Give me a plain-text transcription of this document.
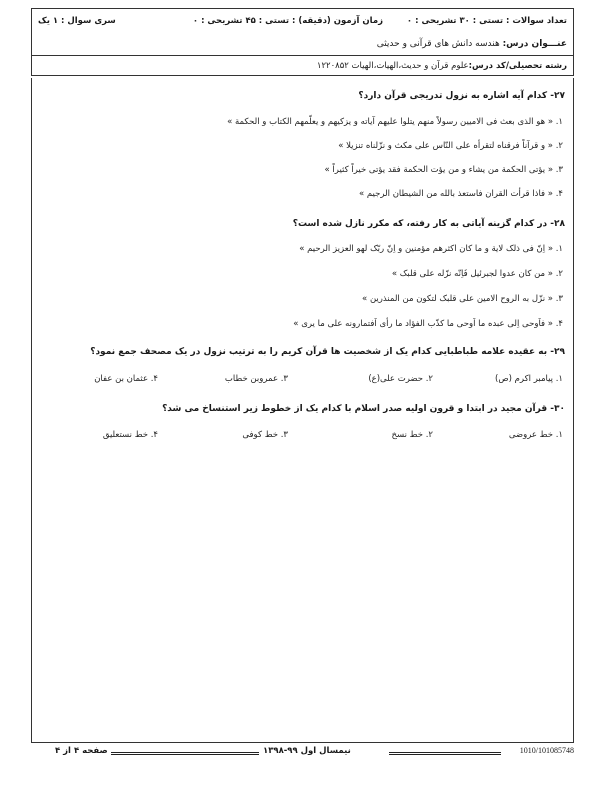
تعداد سوالات : تستی : ۳۰ تشریحی : ۰
زمان آزمون (دقیقه) : تستی : ۴۵ تشریحی : ۰
سری سوال : ۱ یک
عنـــوان درس: هندسه دانش های قرآنی و حدیثی
رشته تحصیلی/کد درس:علوم قرآن و حدیث،الهیات،الهیات ۱۲۲۰۸۵۲
۲۷- کدام آیه اشاره به نزول تدریجی قرآن دارد؟
۱. « هو الذی بعث فی الامیین رسولاً منهم یتلوا علیهم آیاته و یزکیهم و یعلّمهم الکتاب و الحکمة »
۲. « و قرآناً فرقناه لتقرأه علی النّاس علی مکث و نزّلناه تنزیلا »
۳. « یؤتی الحکمة من یشاء و من یؤت الحکمة فقد یؤتی خیراً کثیراً »
۴. « فاذا قرأت القران فاستعذ بالله من الشیطان الرجیم »
۲۸- در کدام گزینه آیاتی به کار رفته، که مکرر نازل شده است؟
۱. « اِنّ فی ذلک لایة و ما کان اکثرهم مؤمنین و اِنّ ربّک لهو العزیز الرحیم »
۲. « من کان عدوا لجبرئیل فَاِنّه نزّله علی قلبک »
۳. « نزّل به الروح الامین علی قلبک لتکون من المنذرین »
۴. « فاَوحی اِلی عبده ما اَوحی ما کذّب الفؤاد ما رأی اَفتمارونه علی ما یری »
۲۹- به عقیده علامه طباطبایی کدام یک از شخصیت ها قرآن کریم را به ترتیب نزول در یک مصحف جمع نمود؟
۱. پیامبر اکرم (ص)
۲. حضرت علی(ع)
۳. عمروبن خطاب
۴. عثمان بن عفان
۳۰- قرآن مجید در ابتدا و قرون اولیه صدر اسلام با کدام یک از خطوط زیر استنساخ می شد؟
۱. خط عروضی
۲. خط نسخ
۳. خط کوفی
۴. خط نستعلیق
صفحه ۴ از ۴	نیمسال اول ۹۹-۱۳۹۸	1010/101085748
